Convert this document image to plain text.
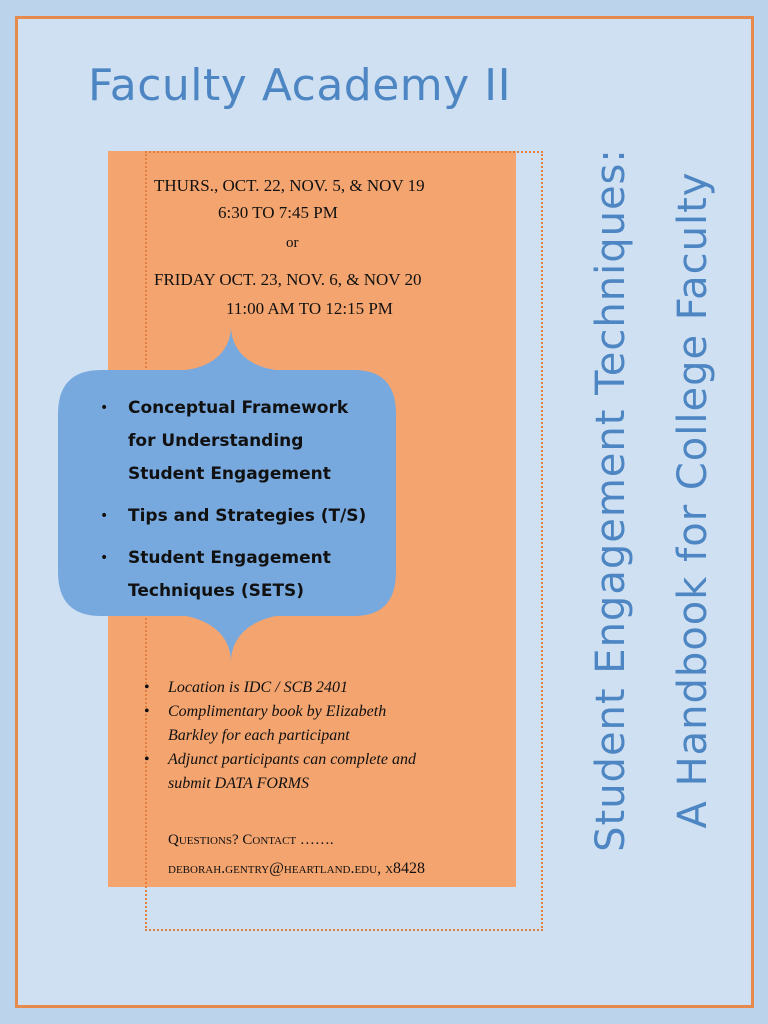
Faculty Academy II
THURS., OCT. 22, NOV. 5, & NOV 19
6:30 TO 7:45 PM
or
FRIDAY OCT. 23, NOV. 6, & NOV 20
11:00 AM TO 12:15 PM
• Conceptual Framework
for Understanding
Student Engagement
• Tips and Strategies (T/S)
• Student Engagement
Techniques (SETS)
• Location is IDC / SCB 2401
• Complimentary book by Elizabeth
Barkley for each participant
• Adjunct participants can complete and
submit DATA FORMS
Questions? Contact …….
deborah.gentry@heartland.edu, x8428
Student Engagement Techniques: A Handbook for College Faculty
